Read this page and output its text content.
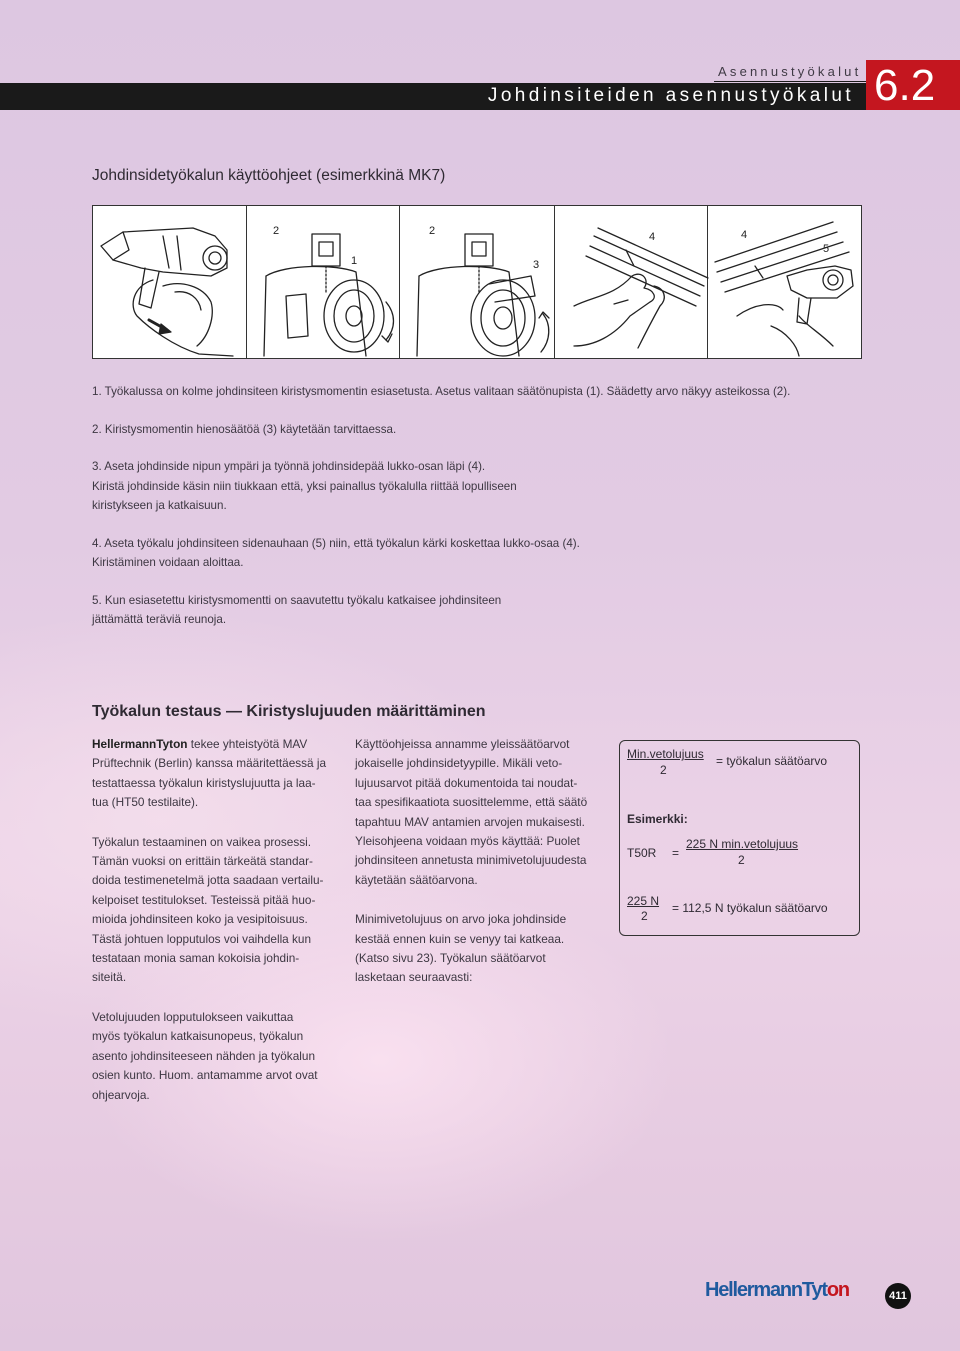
Asennustyökalut
Johdinsiteiden asennustyökalut 6.2
Johdinsidetyökalun käyttöohjeet (esimerkkinä MK7)
2
1
2
3
4	4
5

1. Työkalussa on kolme johdinsiteen kiristysmomentin esiasetusta. Asetus valitaan säätönupista (1). Säädetty arvo näkyy asteikossa (2).

2. Kiristysmomentin hienosäätöä (3) käytetään tarvittaessa.

3. Aseta johdinside nipun ympäri ja työnnä johdinsidepää lukko-osan läpi (4).

Kiristä johdinside käsin niin tiukkaan että, yksi painallus työkalulla riittää lopulliseen

kiristykseen ja katkaisuun.

4. Aseta työkalu johdinsiteen sidenauhaan (5) niin, että työkalun kärki koskettaa lukko-osaa (4).

Kiristäminen voidaan aloittaa.

5. Kun esiasetettu kiristysmomentti on saavutettu työkalu katkaisee johdinsiteen

jättämättä teräviä reunoja.

Työkalun testaus — Kiristyslujuuden määrittäminen

HellermannTyton tekee yhteistyötä MAV
Prüftechnik (Berlin) kanssa määritettäessä ja
testattaessa työkalun kiristyslujuutta ja laa-
tua (HT50 testilaite).

Työkalun testaaminen on vaikea prosessi.
Tämän vuoksi on erittäin tärkeätä standar-
doida testimenetelmä jotta saadaan vertailu-
kelpoiset testitulokset. Testeissä pitää huo-
mioida johdinsiteen koko ja vesipitoisuus.
Tästä johtuen lopputulos voi vaihdella kun
testataan monia saman kokoisia johdin-
siteitä.

Vetolujuuden lopputulokseen vaikuttaa
myös työkalun katkaisunopeus, työkalun
asento johdinsiteeseen nähden ja työkalun
osien kunto. Huom. antamamme arvot ovat
ohjearvoja.

Käyttöohjeissa annamme yleissäätöarvot
jokaiselle johdinsidetyypille. Mikäli veto-
lujuusarvot pitää dokumentoida tai noudat-
taa spesifikaatiota suosittelemme, että säätö
tapahtuu MAV antamien arvojen mukaisesti.
Yleisohjeena voidaan myös käyttää: Puolet
johdinsiteen annetusta minimivetolujuudesta
käytetään säätöarvona.

Minimivetolujuus on arvo joka johdinside
kestää ennen kuin se venyy tai katkeaa.
(Katso sivu 23). Työkalun säätöarvot
lasketaan seuraavasti:

Min.vetolujuus
2
= työkalun säätöarvo
Esimerkki:
T50R =
225 N min.vetolujuus
2
225 N
2
= 112,5 N työkalun säätöarvo
HellermannTyton	411
